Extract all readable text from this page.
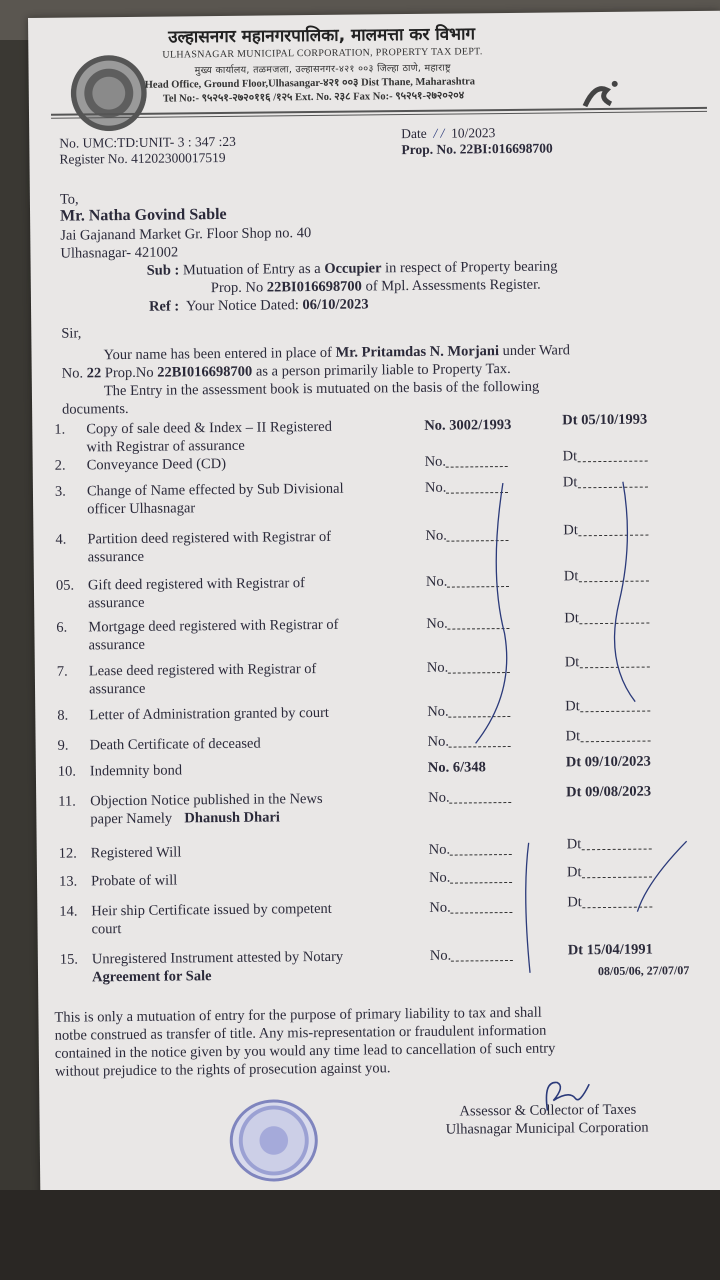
उल्हासनगर महानगरपालिका, मालमत्ता कर विभाग
ULHASNAGAR MUNICIPAL CORPORATION, PROPERTY TAX DEPT.
मुख्य कार्यालय, तळमजला, उल्हासनगर-४२१ ००३ जिल्हा ठाणे, महाराष्ट्र
Head Office, Ground Floor,Ulhasangar-४२१ ००३ Dist Thane, Maharashtra
Tel No:- ९५२५१-२७२०११६ /१२५ Ext. No. २३८ Fax No:- ९५२५१-२७२०२०४
No. UMC:TD:UNIT- 3 : 347 :23
Register No. 41202300017519
Date  / /  10/2023
Prop. No. 22BI:016698700
To,
Mr. Natha Govind Sable
Jai Gajanand Market Gr. Floor Shop no. 40
Ulhasnagar- 421002
Sub : Mutuation of Entry as a Occupier in respect of Property bearing
Prop. No 22BI016698700 of Mpl. Assessments Register.
Ref : Your Notice Dated: 06/10/2023
Sir,
Your name has been entered in place of Mr. Pritamdas N. Morjani under Ward
No. 22 Prop.No 22BI016698700 as a person primarily liable to Property Tax.
The Entry in the assessment book is mutuated on the basis of the following
documents.
1. Copy of sale deed & Index – II Registered
with Registrar of assurance
No. 3002/1993	Dt 05/10/1993
2. Conveyance Deed (CD)	No.	Dt
3. Change of Name effected by Sub Divisional
officer Ulhasnagar
No.	Dt
4. Partition deed registered with Registrar of
assurance
No.	Dt
05. Gift deed registered with Registrar of
assurance
No.	Dt
6. Mortgage deed registered with Registrar of
assurance
No.	Dt
7. Lease deed registered with Registrar of
assurance
No.	Dt
8. Letter of Administration granted by court	No.	Dt
9. Death Certificate of deceased	No.	Dt
10. Indemnity bond	No. 6/348	Dt 09/10/2023
11. Objection Notice published in the News
paper Namely Dhanush Dhari
No.	Dt 09/08/2023
12. Registered Will	No.	Dt
13. Probate of will	No.	Dt
14. Heir ship Certificate issued by competent
court
No.	Dt
15. Unregistered Instrument attested by Notary
Agreement for Sale
No.	Dt 15/04/1991
08/05/06, 27/07/07
This is only a mutuation of entry for the purpose of primary liability to tax and shall
notbe construed as transfer of title. Any mis-representation or fraudulent information
contained in the notice given by you would any time lead to cancellation of such entry
without prejudice to the rights of prosecution against you.
Assessor & Collector of Taxes
Ulhasnagar Municipal Corporation
